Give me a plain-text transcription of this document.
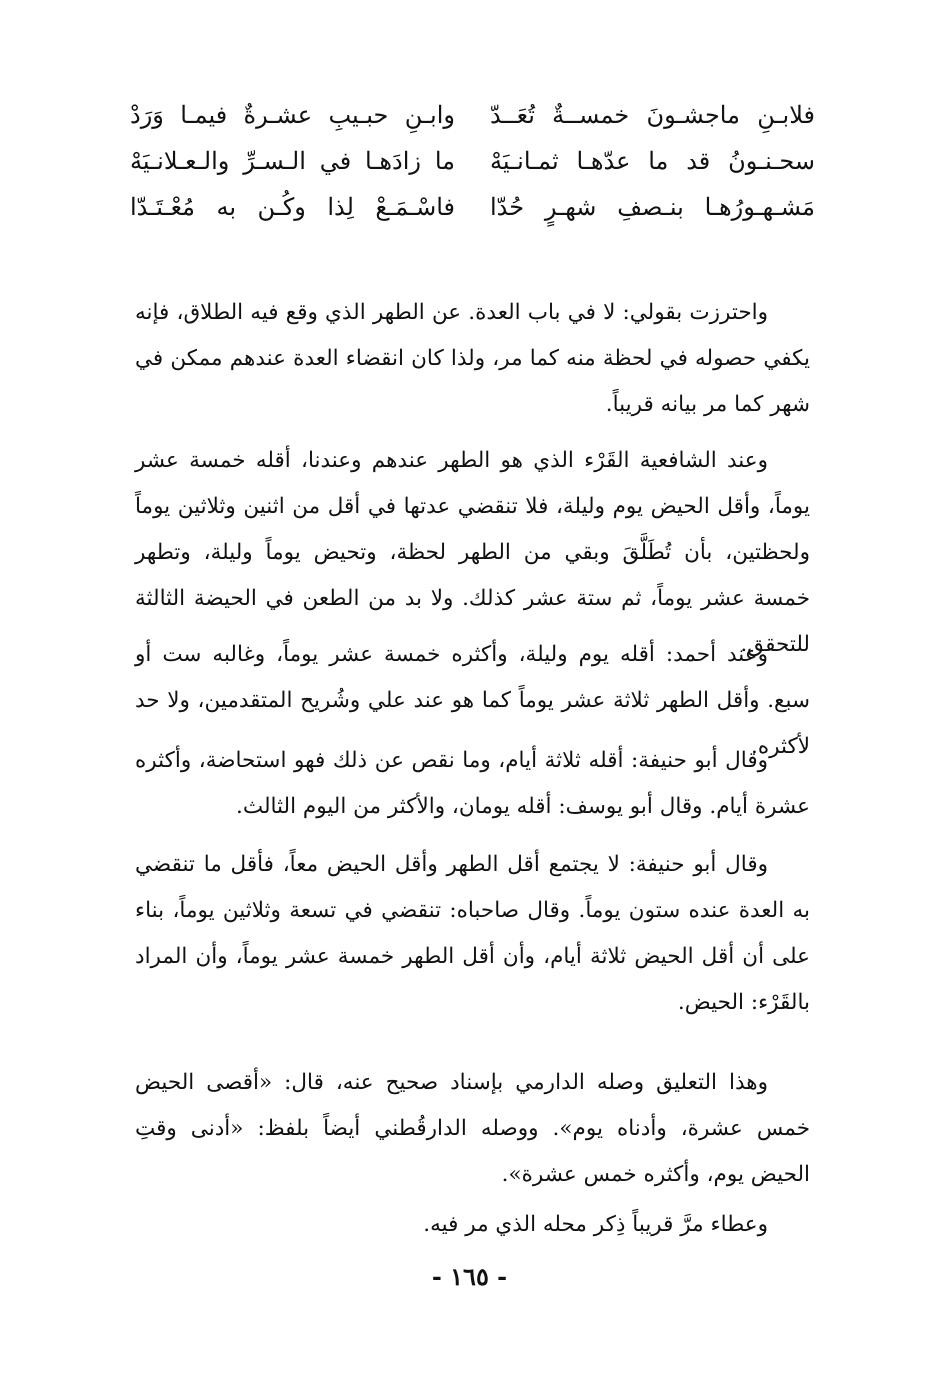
فلابـنِ ماجشـونَ خمســةٌ تُعَــدّ
وابـنِ حبـيبِ عشـرةٌ فيمـا وَرَدْ
سحـنـونُ قد ما عدّهـا ثمـانـيَهْ
ما زادَهـا في الـسـرِّ والـعـلانـيَهْ
مَشـهـورُهـا بنـصفِ شهـرٍ حُدّا
فاسْـمَـعْ لِذا وكُـن به مُعْـتَـدّا

واحترزت بقولي: لا في باب العدة. عن الطهر الذي وقع فيه الطلاق، فإنه يكفي حصوله في لحظة منه كما مر، ولذا كان انقضاء العدة عندهم ممكن في شهر كما مر بيانه قريباً.

وعند الشافعية القَرْء الذي هو الطهر عندهم وعندنا، أقله خمسة عشر يوماً، وأقل الحيض يوم وليلة، فلا تنقضي عدتها في أقل من اثنين وثلاثين يوماً ولحظتين، بأن تُطَلَّقَ وبقي من الطهر لحظة، وتحيض يوماً وليلة، وتطهر خمسة عشر يوماً، ثم ستة عشر كذلك. ولا بد من الطعن في الحيضة الثالثة للتحقق.

وعند أحمد: أقله يوم وليلة، وأكثره خمسة عشر يوماً، وغالبه ست أو سبع. وأقل الطهر ثلاثة عشر يوماً كما هو عند علي وشُريح المتقدمين، ولا حد لأكثره.

وقال أبو حنيفة: أقله ثلاثة أيام، وما نقص عن ذلك فهو استحاضة، وأكثره عشرة أيام. وقال أبو يوسف: أقله يومان، والأكثر من اليوم الثالث.

وقال أبو حنيفة: لا يجتمع أقل الطهر وأقل الحيض معاً، فأقل ما تنقضي به العدة عنده ستون يوماً. وقال صاحباه: تنقضي في تسعة وثلاثين يوماً، بناء على أن أقل الحيض ثلاثة أيام، وأن أقل الطهر خمسة عشر يوماً، وأن المراد بالقَرْء: الحيض.

وهذا التعليق وصله الدارمي بإسناد صحيح عنه، قال: «أقصى الحيض خمس عشرة، وأدناه يوم». ووصله الدارقُطني أيضاً بلفظ: «أدنى وقتِ الحيض يوم، وأكثره خمس عشرة».

وعطاء مرَّ قريباً ذِكر محله الذي مر فيه.

- ١٦٥ -
